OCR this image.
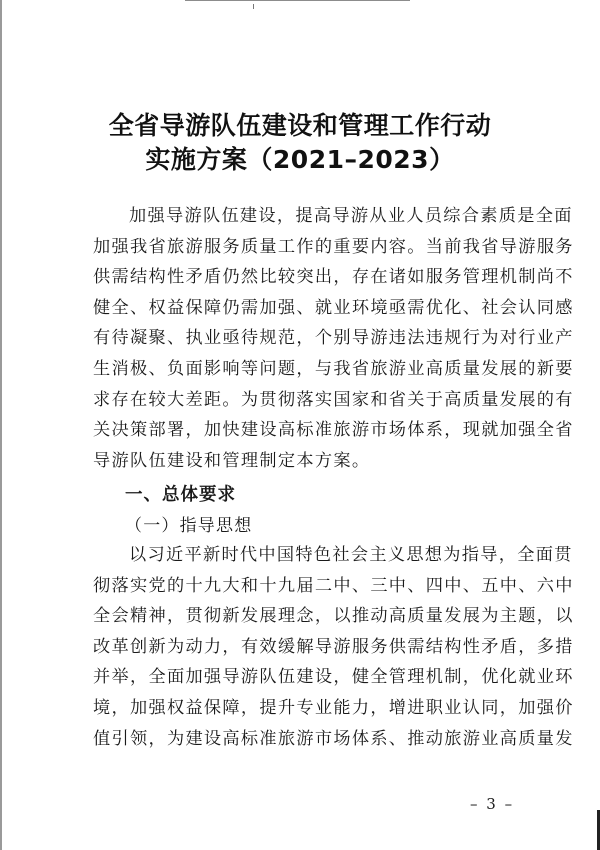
全省导游队伍建设和管理工作行动
实施方案（2021–2023）
加强导游队伍建设，提高导游从业人员综合素质是全面
加强我省旅游服务质量工作的重要内容。当前我省导游服务
供需结构性矛盾仍然比较突出，存在诸如服务管理机制尚不
健全、权益保障仍需加强、就业环境亟需优化、社会认同感
有待凝聚、执业亟待规范，个别导游违法违规行为对行业产
生消极、负面影响等问题，与我省旅游业高质量发展的新要
求存在较大差距。为贯彻落实国家和省关于高质量发展的有
关决策部署，加快建设高标准旅游市场体系，现就加强全省
导游队伍建设和管理制定本方案。
一、总体要求
（一）指导思想
以习近平新时代中国特色社会主义思想为指导，全面贯
彻落实党的十九大和十九届二中、三中、四中、五中、六中
全会精神，贯彻新发展理念，以推动高质量发展为主题，以
改革创新为动力，有效缓解导游服务供需结构性矛盾，多措
并举，全面加强导游队伍建设，健全管理机制，优化就业环
境，加强权益保障，提升专业能力，增进职业认同，加强价
值引领，为建设高标准旅游市场体系、推动旅游业高质量发
– 3 –
